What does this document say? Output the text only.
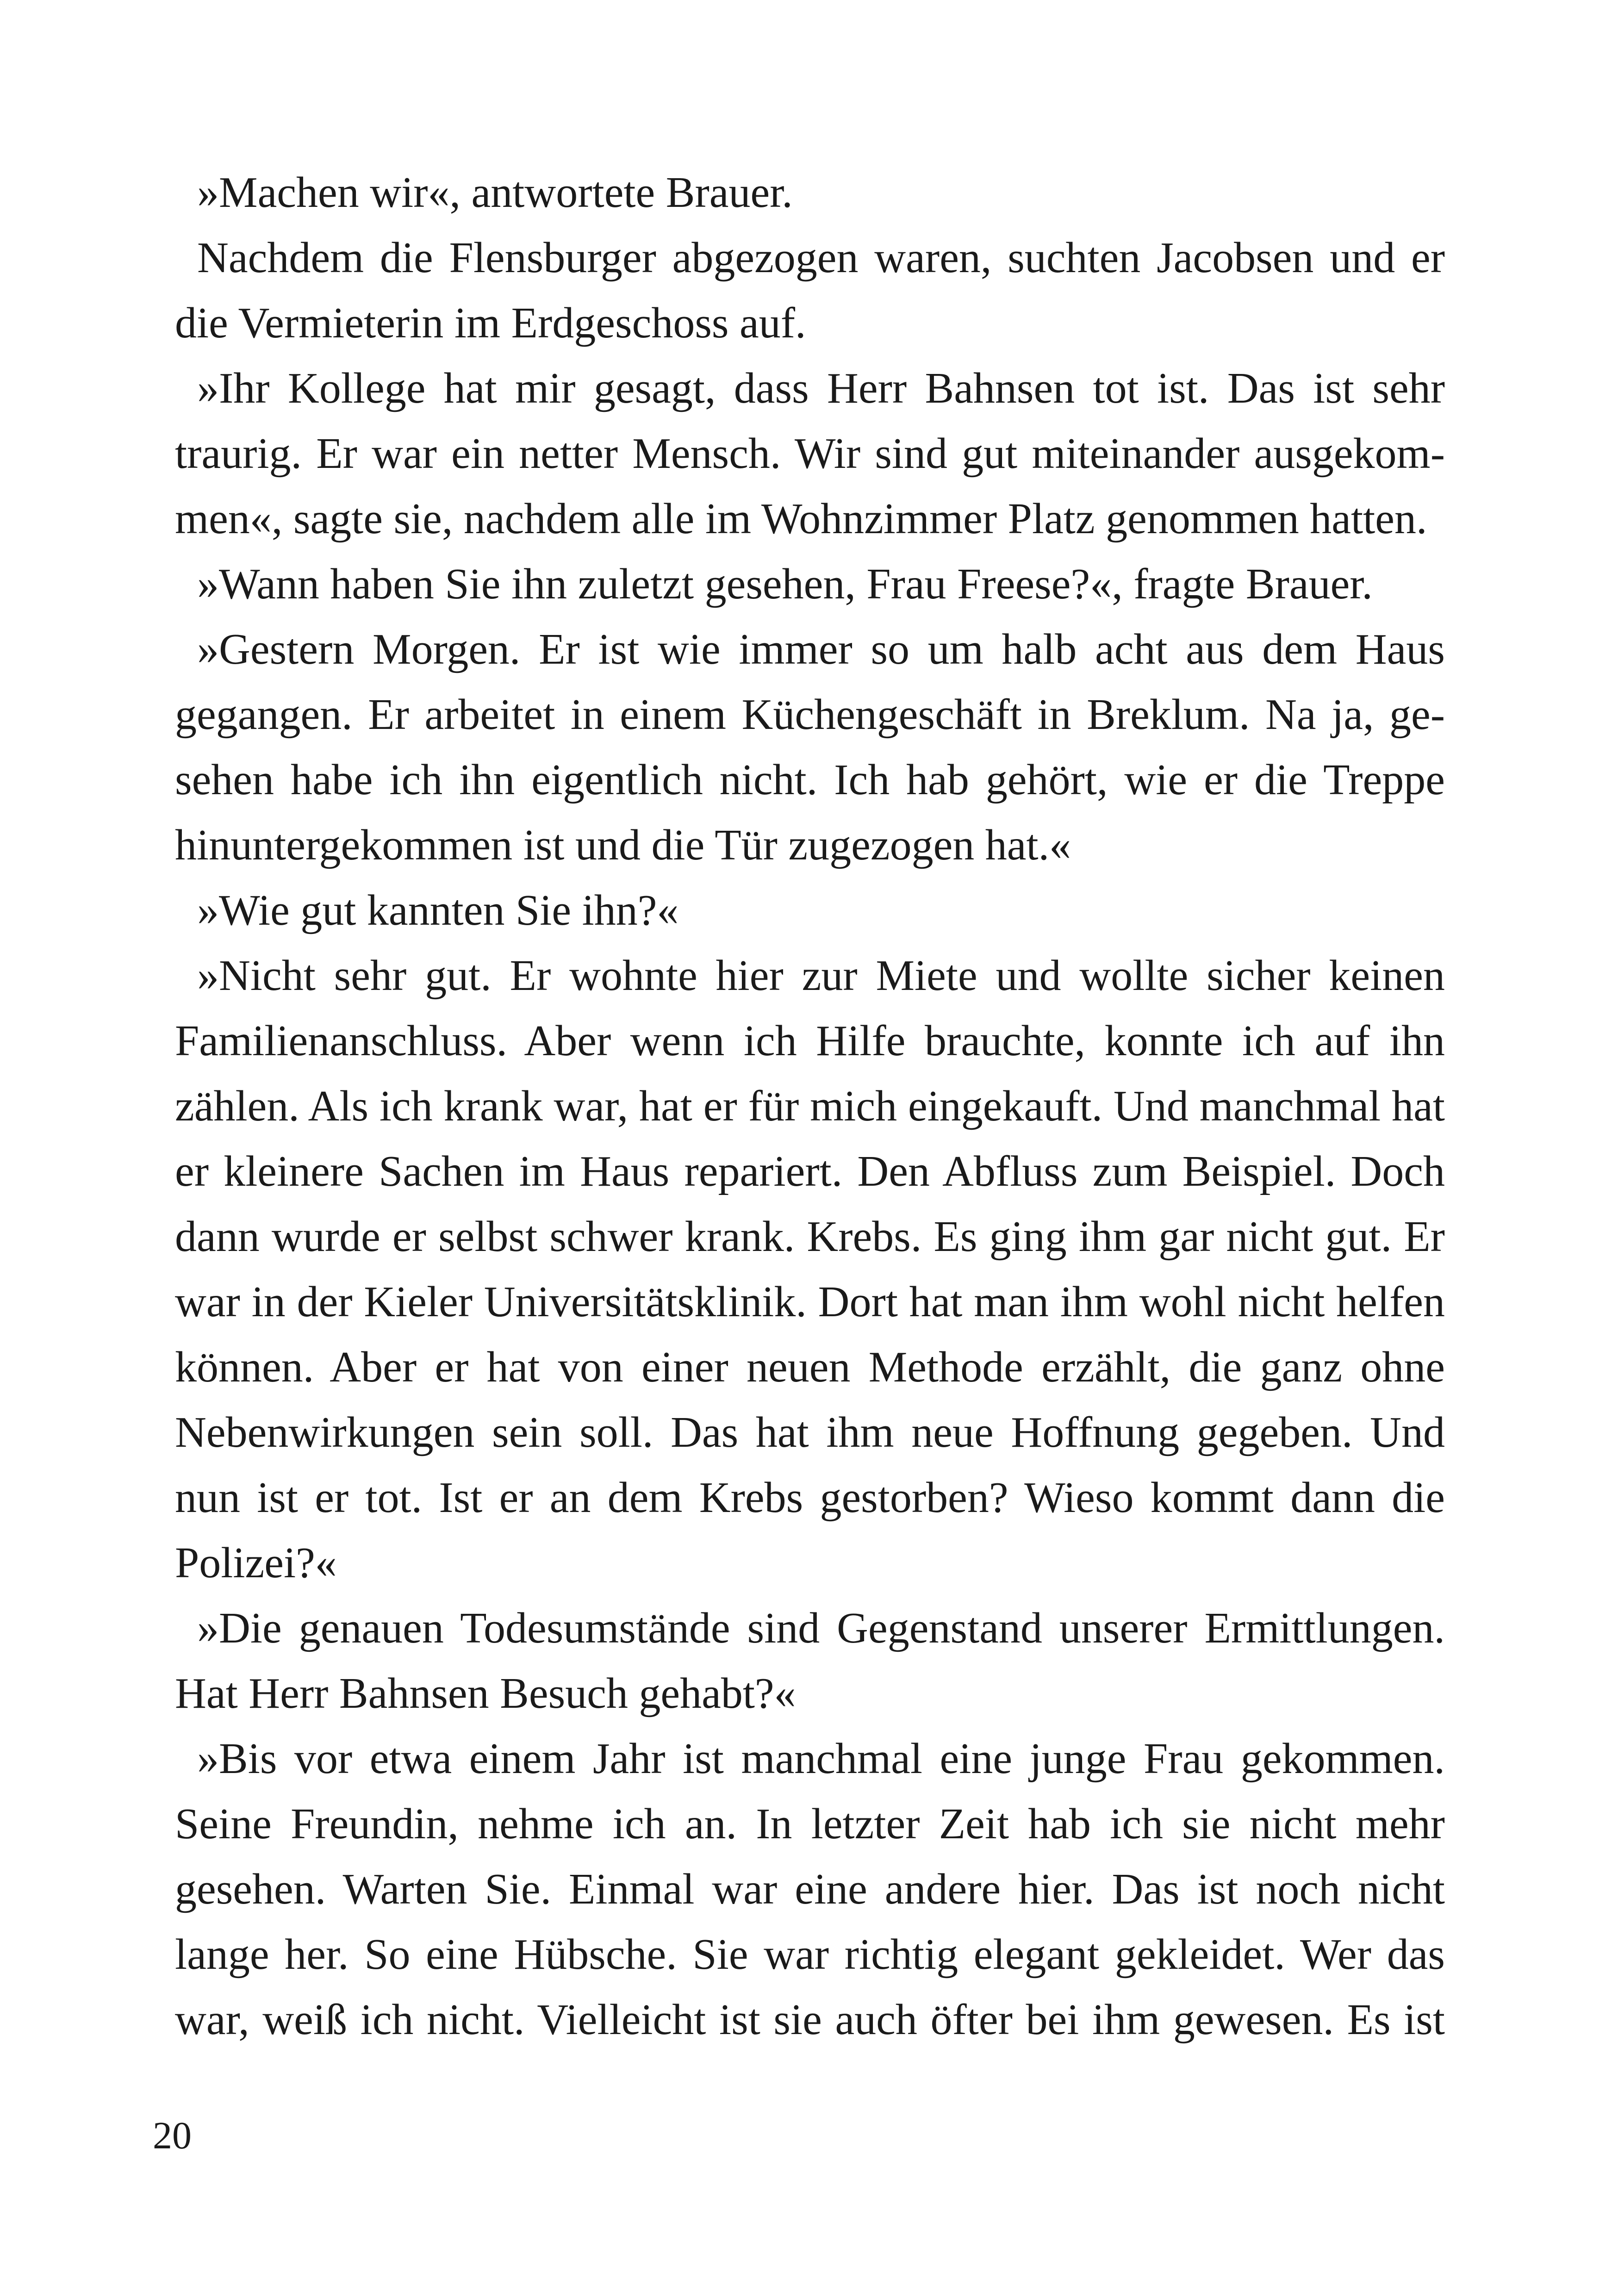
»Machen wir«, antwortete Brauer.

Nachdem die Flensburger abgezogen waren, suchten Jacobsen und er die Vermieterin im Erdgeschoss auf.

»Ihr Kollege hat mir gesagt, dass Herr Bahnsen tot ist. Das ist sehr traurig. Er war ein netter Mensch. Wir sind gut miteinander ausgekommen«, sagte sie, nachdem alle im Wohnzimmer Platz genommen hatten.

»Wann haben Sie ihn zuletzt gesehen, Frau Freese?«, fragte Brauer.

»Gestern Morgen. Er ist wie immer so um halb acht aus dem Haus gegangen. Er arbeitet in einem Küchengeschäft in Breklum. Na ja, gesehen habe ich ihn eigentlich nicht. Ich hab gehört, wie er die Treppe hinuntergekommen ist und die Tür zugezogen hat.«

»Wie gut kannten Sie ihn?«

»Nicht sehr gut. Er wohnte hier zur Miete und wollte sicher keinen Familienanschluss. Aber wenn ich Hilfe brauchte, konnte ich auf ihn zählen. Als ich krank war, hat er für mich eingekauft. Und manchmal hat er kleinere Sachen im Haus repariert. Den Abfluss zum Beispiel. Doch dann wurde er selbst schwer krank. Krebs. Es ging ihm gar nicht gut. Er war in der Kieler Universitätsklinik. Dort hat man ihm wohl nicht helfen können. Aber er hat von einer neuen Methode erzählt, die ganz ohne Nebenwirkungen sein soll. Das hat ihm neue Hoffnung gegeben. Und nun ist er tot. Ist er an dem Krebs gestorben? Wieso kommt dann die Polizei?«

»Die genauen Todesumstände sind Gegenstand unserer Ermittlungen. Hat Herr Bahnsen Besuch gehabt?«

»Bis vor etwa einem Jahr ist manchmal eine junge Frau gekommen. Seine Freundin, nehme ich an. In letzter Zeit hab ich sie nicht mehr gesehen. Warten Sie. Einmal war eine andere hier. Das ist noch nicht lange her. So eine Hübsche. Sie war richtig elegant gekleidet. Wer das war, weiß ich nicht. Vielleicht ist sie auch öfter bei ihm gewesen. Es ist

20
